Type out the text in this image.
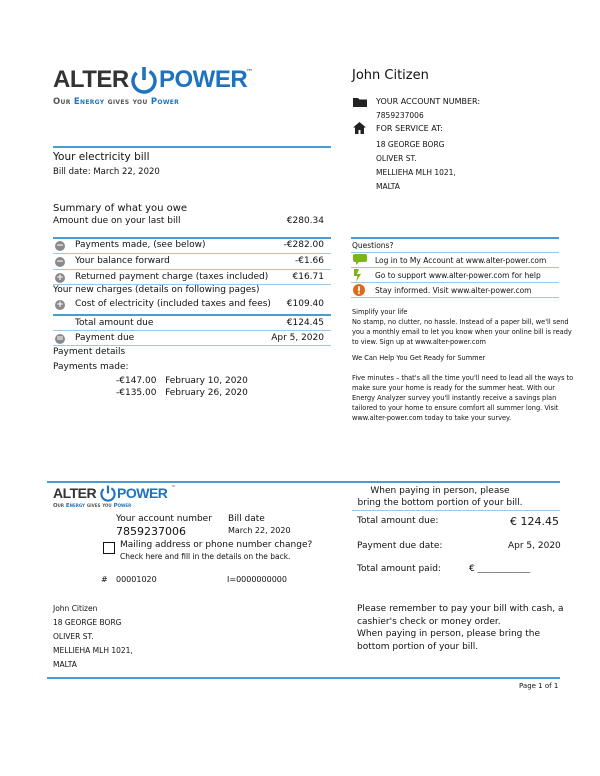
ALTER POWER
™
Our Energy gives you Power
John Citizen
YOUR ACCOUNT NUMBER:
7859237006
FOR SERVICE AT:
18 GEORGE BORG
OLIVER ST.
MELLIEHA MLH 1021,
MALTA
Your electricity bill
Bill date: March 22, 2020
Summary of what you owe
Amount due on your last bill	€280.34
− Payments made, (see below)	-€282.00
− Your balance forward	-€1.66
+ Returned payment charge (taxes included)	€16.71
Your new charges (details on following pages)
+ Cost of electricity (included taxes and fees) €109.40
Total amount due	€124.45
= Payment due	Apr 5, 2020
Payment details
Payments made:
-€147.00 February 10, 2020
-€135.00 February 26, 2020
Questions?
Log in to My Account at www.alter-power.com
Go to support www.alter-power.com for help
Stay informed. Visit www.alter-power.com
Simplify your life
No stamp, no clutter, no hassle. Instead of a paper bill, we'll send you a monthly email to let you know when your online bill is ready to view. Sign up at www.alter-power.com
We Can Help You Get Ready for Summer
Five minutes – that's all the time you'll need to lead all the ways to make sure your home is ready for the summer heat. With our Energy Analyzer survey you'll instantly receive a savings plan tailored to your home to ensure comfort all summer long. Visit www.alter-power.com today to take your survey.
ALTER POWER ™
Our Energy gives you Power
When paying in person, please
bring the bottom portion of your bill.
Your account number
7859237006
Bill date
March 22, 2020
Mailing address or phone number change?
Check here and fill in the details on the back.
# 00001020	I=0000000000
Total amount due:	€ 124.45
Payment due date:	Apr 5, 2020
Total amount paid:	€ _______________
John Citizen
18 GEORGE BORG
OLIVER ST.
MELLIEHA MLH 1021,
MALTA
Please remember to pay your bill with cash, a
cashier's check or money order.
When paying in person, please bring the
bottom portion of your bill.
Page 1 of 1
